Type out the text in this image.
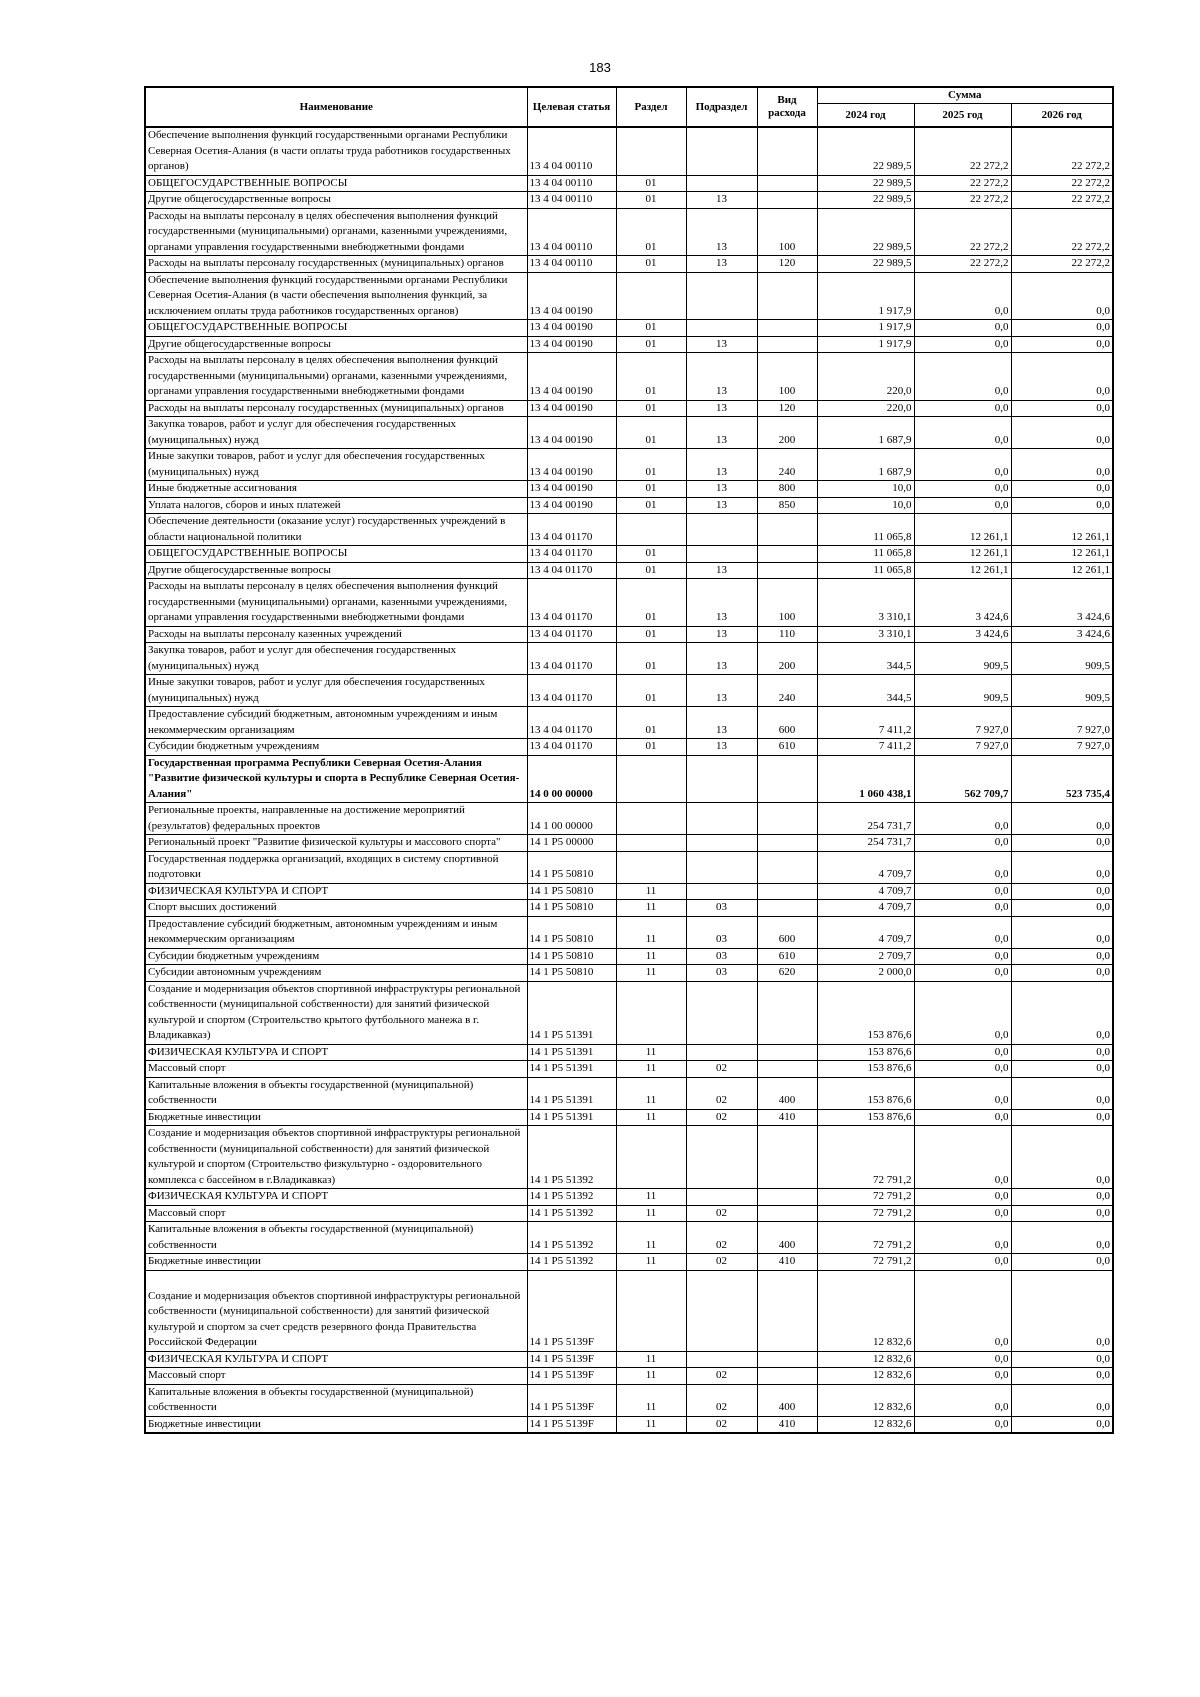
183
Наименование	Целевая статья	Раздел	Подраздел	Вид расхода	Сумма		
					2024 год	2025 год	2026 год
Обеспечение выполнения функций государственными органами Республики Северная Осетия-Алания (в части оплаты труда работников государственных органов)	13 4 04 00110				22 989,5	22 272,2	22 272,2
ОБЩЕГОСУДАРСТВЕННЫЕ ВОПРОСЫ	13 4 04 00110	01			22 989,5	22 272,2	22 272,2
Другие общегосударственные вопросы	13 4 04 00110	01	13		22 989,5	22 272,2	22 272,2
Расходы на выплаты персоналу в целях обеспечения выполнения функций государственными (муниципальными) органами, казенными учреждениями, органами управления государственными внебюджетными фондами	13 4 04 00110	01	13	100	22 989,5	22 272,2	22 272,2
Расходы на выплаты персоналу государственных (муниципальных) органов	13 4 04 00110	01	13	120	22 989,5	22 272,2	22 272,2
Обеспечение выполнения функций государственными органами Республики Северная Осетия-Алания (в части обеспечения выполнения функций, за исключением оплаты труда работников государственных органов)	13 4 04 00190				1 917,9	0,0	0,0
ОБЩЕГОСУДАРСТВЕННЫЕ ВОПРОСЫ	13 4 04 00190	01			1 917,9	0,0	0,0
Другие общегосударственные вопросы	13 4 04 00190	01	13		1 917,9	0,0	0,0
Расходы на выплаты персоналу в целях обеспечения выполнения функций государственными (муниципальными) органами, казенными учреждениями, органами управления государственными внебюджетными фондами	13 4 04 00190	01	13	100	220,0	0,0	0,0
Расходы на выплаты персоналу государственных (муниципальных) органов	13 4 04 00190	01	13	120	220,0	0,0	0,0
Закупка товаров, работ и услуг для обеспечения государственных (муниципальных) нужд	13 4 04 00190	01	13	200	1 687,9	0,0	0,0
Иные закупки товаров, работ и услуг для обеспечения государственных (муниципальных) нужд	13 4 04 00190	01	13	240	1 687,9	0,0	0,0
Иные бюджетные ассигнования	13 4 04 00190	01	13	800	10,0	0,0	0,0
Уплата налогов, сборов и иных платежей	13 4 04 00190	01	13	850	10,0	0,0	0,0
Обеспечение деятельности (оказание услуг) государственных учреждений в области национальной политики	13 4 04 01170				11 065,8	12 261,1	12 261,1
ОБЩЕГОСУДАРСТВЕННЫЕ ВОПРОСЫ	13 4 04 01170	01			11 065,8	12 261,1	12 261,1
Другие общегосударственные вопросы	13 4 04 01170	01	13		11 065,8	12 261,1	12 261,1
Расходы на выплаты персоналу в целях обеспечения выполнения функций государственными (муниципальными) органами, казенными учреждениями, органами управления государственными внебюджетными фондами	13 4 04 01170	01	13	100	3 310,1	3 424,6	3 424,6
Расходы на выплаты персоналу казенных учреждений	13 4 04 01170	01	13	110	3 310,1	3 424,6	3 424,6
Закупка товаров, работ и услуг для обеспечения государственных (муниципальных) нужд	13 4 04 01170	01	13	200	344,5	909,5	909,5
Иные закупки товаров, работ и услуг для обеспечения государственных (муниципальных) нужд	13 4 04 01170	01	13	240	344,5	909,5	909,5
Предоставление субсидий бюджетным, автономным учреждениям и иным некоммерческим организациям	13 4 04 01170	01	13	600	7 411,2	7 927,0	7 927,0
Субсидии бюджетным учреждениям	13 4 04 01170	01	13	610	7 411,2	7 927,0	7 927,0
Государственная программа Республики Северная Осетия-Алания "Развитие физической культуры и спорта в Республике Северная Осетия-Алания"	14 0 00 00000				1 060 438,1	562 709,7	523 735,4
Региональные проекты, направленные на достижение мероприятий (результатов) федеральных проектов	14 1 00 00000				254 731,7	0,0	0,0
Региональный проект "Развитие физической культуры и массового спорта"	14 1 P5 00000				254 731,7	0,0	0,0
Государственная поддержка организаций, входящих в систему спортивной подготовки	14 1 P5 50810				4 709,7	0,0	0,0
ФИЗИЧЕСКАЯ КУЛЬТУРА И СПОРТ	14 1 P5 50810	11			4 709,7	0,0	0,0
Спорт высших достижений	14 1 P5 50810	11	03		4 709,7	0,0	0,0
Предоставление субсидий бюджетным, автономным учреждениям и иным некоммерческим организациям	14 1 P5 50810	11	03	600	4 709,7	0,0	0,0
Субсидии бюджетным учреждениям	14 1 P5 50810	11	03	610	2 709,7	0,0	0,0
Субсидии автономным учреждениям	14 1 P5 50810	11	03	620	2 000,0	0,0	0,0
Создание и модернизация объектов спортивной инфраструктуры региональной собственности (муниципальной собственности) для занятий физической культурой и спортом (Строительство крытого футбольного манежа в г. Владикавказ)	14 1 P5 51391				153 876,6	0,0	0,0
ФИЗИЧЕСКАЯ КУЛЬТУРА И СПОРТ	14 1 P5 51391	11			153 876,6	0,0	0,0
Массовый спорт	14 1 P5 51391	11	02		153 876,6	0,0	0,0
Капитальные вложения в объекты государственной (муниципальной) собственности	14 1 P5 51391	11	02	400	153 876,6	0,0	0,0
Бюджетные инвестиции	14 1 P5 51391	11	02	410	153 876,6	0,0	0,0
Создание и модернизация объектов спортивной инфраструктуры региональной собственности (муниципальной собственности) для занятий физической культурой и спортом (Строительство физкультурно - оздоровительного комплекса с бассейном в г.Владикавказ)	14 1 P5 51392				72 791,2	0,0	0,0
ФИЗИЧЕСКАЯ КУЛЬТУРА И СПОРТ	14 1 P5 51392	11			72 791,2	0,0	0,0
Массовый спорт	14 1 P5 51392	11	02		72 791,2	0,0	0,0
Капитальные вложения в объекты государственной (муниципальной) собственности	14 1 P5 51392	11	02	400	72 791,2	0,0	0,0
Бюджетные инвестиции	14 1 P5 51392	11	02	410	72 791,2	0,0	0,0
Создание и модернизация объектов спортивной инфраструктуры региональной собственности (муниципальной собственности) для занятий физической культурой и спортом за счет средств резервного фонда Правительства Российской Федерации	14 1 P5 5139F				12 832,6	0,0	0,0
ФИЗИЧЕСКАЯ КУЛЬТУРА И СПОРТ	14 1 P5 5139F	11			12 832,6	0,0	0,0
Массовый спорт	14 1 P5 5139F	11	02		12 832,6	0,0	0,0
Капитальные вложения в объекты государственной (муниципальной) собственности	14 1 P5 5139F	11	02	400	12 832,6	0,0	0,0
Бюджетные инвестиции	14 1 P5 5139F	11	02	410	12 832,6	0,0	0,0
